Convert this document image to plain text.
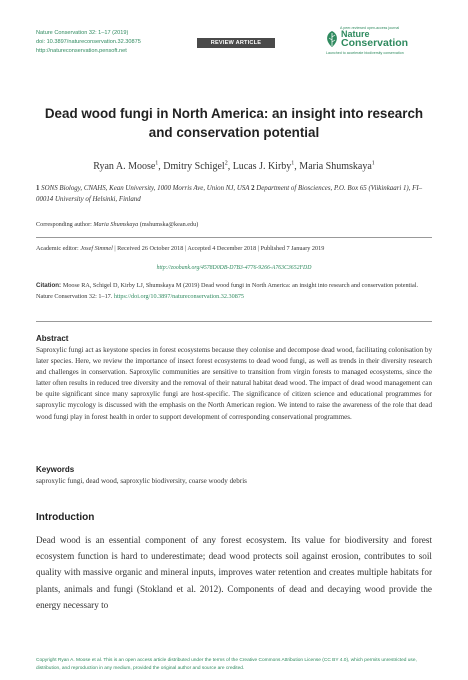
Nature Conservation 32: 1–17 (2019)
doi: 10.3897/natureconservation.32.30875
http://natureconservation.pensoft.net
REVIEW ARTICLE
A peer-reviewed open-access journal
Nature
Conservation
Launched to accelerate biodiversity conservation
Dead wood fungi in North America: an insight into research and conservation potential
Ryan A. Moose$^1$, Dmitry Schigel$^2$, Lucas J. Kirby$^1$, Maria Shumskaya$^1$
1 SONS Biology, CNAHS, Kean University, 1000 Morris Ave, Union NJ, USA 2 Department of Biosciences, P.O. Box 65 (Viikinkaari 1), FI–00014 University of Helsinki, Finland
Corresponding author: Maria Shumskaya (mshumska@kean.edu)
Academic editor: Josef Simmel | Received 26 October 2018 | Accepted 4 December 2018 | Published 7 January 2019
http://zoobank.org/4578D0DB-D7B3-4776-9266-A763C3652FDD
Citation: Moose RA, Schigel D, Kirby LJ, Shumskaya M (2019) Dead wood fungi in North America: an insight into research and conservation potential. Nature Conservation 32: 1–17. https://doi.org/10.3897/natureconservation.32.30875
Abstract

Saproxylic fungi act as keystone species in forest ecosystems because they colonise and decompose dead wood, facilitating colonisation by later species. Here, we review the importance of insect forest ecosystems to dead wood fungi, as well as trends in their diversity research and challenges in conservation. Saproxylic communities are sensitive to transition from virgin forests to managed ecosystems, since the latter often results in reduced tree diversity and the removal of their natural habitat dead wood. The impact of dead wood management can be quite significant since many saproxylic fungi are host-specific. The significance of citizen science and educational programmes for saproxylic mycology is discussed with the emphasis on the North American region. We intend to raise the awareness of the role that dead wood fungi play in forest health in order to support development of corresponding conservational programmes.

Keywords

saproxylic fungi, dead wood, saproxylic biodiversity, coarse woody debris

Introduction

Dead wood is an essential component of any forest ecosystem. Its value for biodiversity and forest ecosystem function is hard to underestimate; dead wood protects soil against erosion, contributes to soil quality with massive organic and mineral inputs, improves water retention and creates multiple habitats for plants, animals and fungi (Stokland et al. 2012). Components of dead and decaying wood provide the energy necessary to

Copyright Ryan A. Moose et al. This is an open access article distributed under the terms of the Creative Commons Attribution License (CC BY 4.0), which permits unrestricted use, distribution, and reproduction in any medium, provided the original author and source are credited.
